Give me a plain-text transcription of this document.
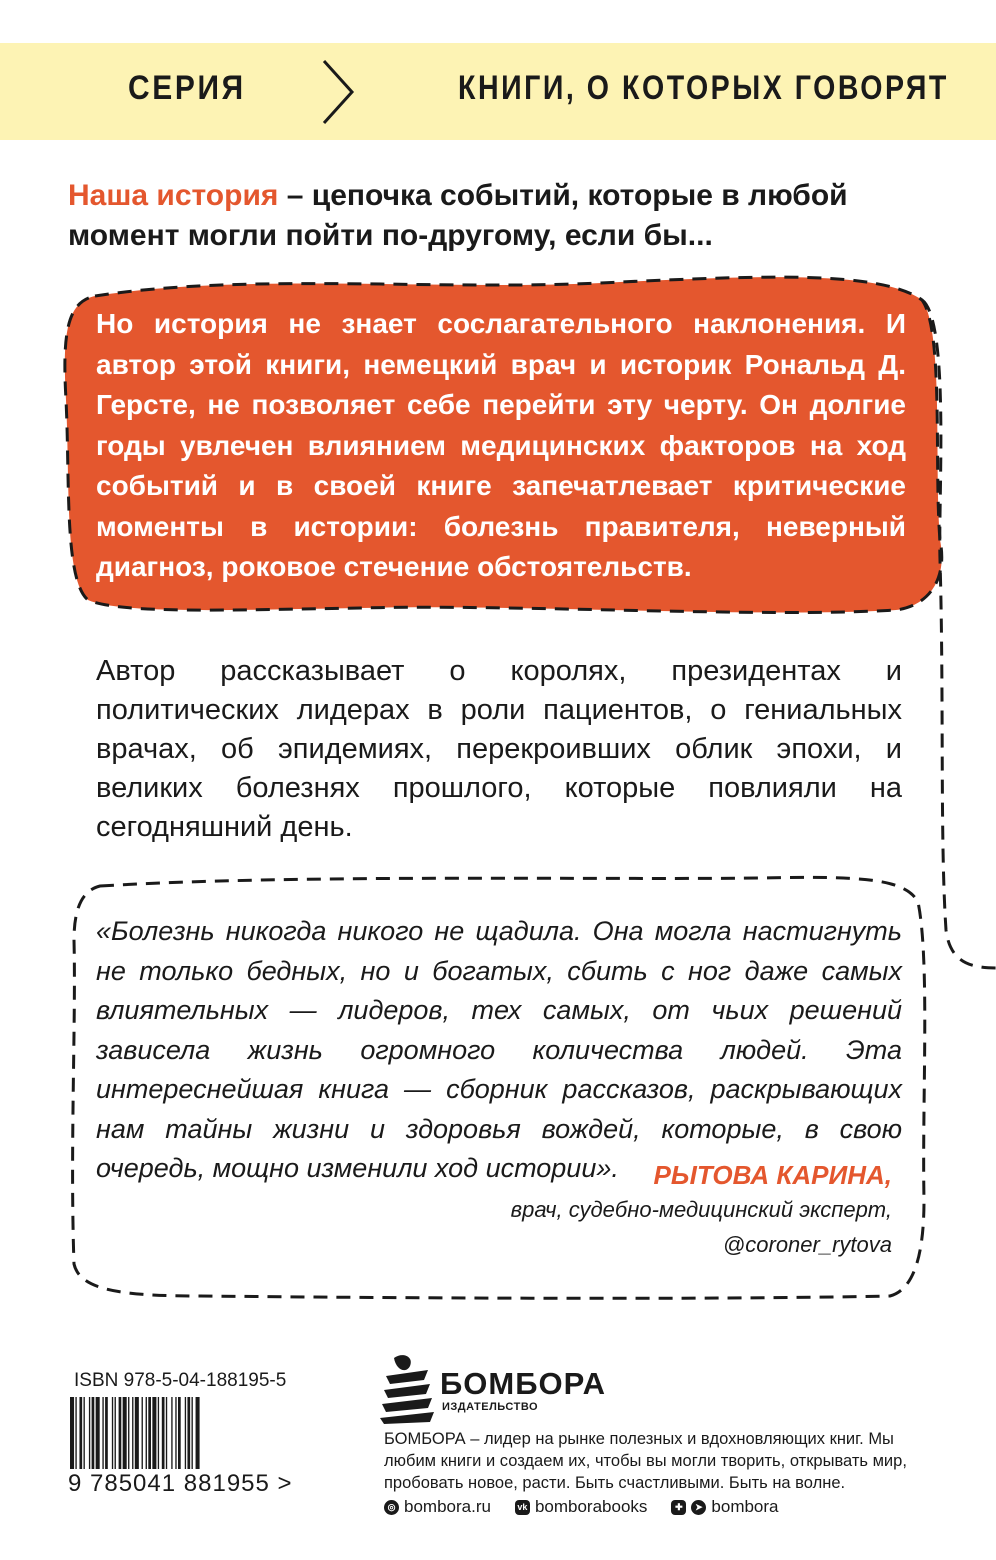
СЕРИЯ	КНИГИ, О КОТОРЫХ ГОВОРЯТ
Наша история – цепочка событий, которые в любой момент могли пойти по-другому, если бы...
Но история не знает сослагательного наклонения. И автор этой книги, немецкий врач и историк Рональд Д. Герсте, не позволяет себе перейти эту черту. Он долгие годы увлечен влиянием медицинских факторов на ход событий и в своей книге запечатлевает критические моменты в истории: болезнь правителя, неверный диагноз, роковое стечение обстоятельств.
Автор рассказывает о королях, президентах и политических лидерах в роли пациентов, о гениальных врачах, об эпидемиях, перекроивших облик эпохи, и великих болезнях прошлого, которые повлияли на сегодняшний день.
«Болезнь никогда никого не щадила. Она могла настигнуть не только бедных, но и богатых, сбить с ног даже самых влиятельных — лидеров, тех самых, от чьих решений зависела жизнь огромного количества людей. Эта интереснейшая книга — сборник рассказов, раскрывающих нам тайны жизни и здоровья вождей, которые, в свою очередь, мощно изменили ход истории».	РЫТОВА КАРИНА,
врач, судебно-медицинский эксперт,
@coroner_rytova
ISBN 978-5-04-188195-5
9 785041 881955 >
БОМБОРА
ИЗДАТЕЛЬСТВО
БОМБОРА – лидер на рынке полезных и вдохновляющих книг. Мы любим книги и создаем их, чтобы вы могли творить, открывать мир, пробовать новое, расти. Быть счастливыми. Быть на волне.
◎ bombora.ru	vk bomborabooks	✚	➤ bombora
